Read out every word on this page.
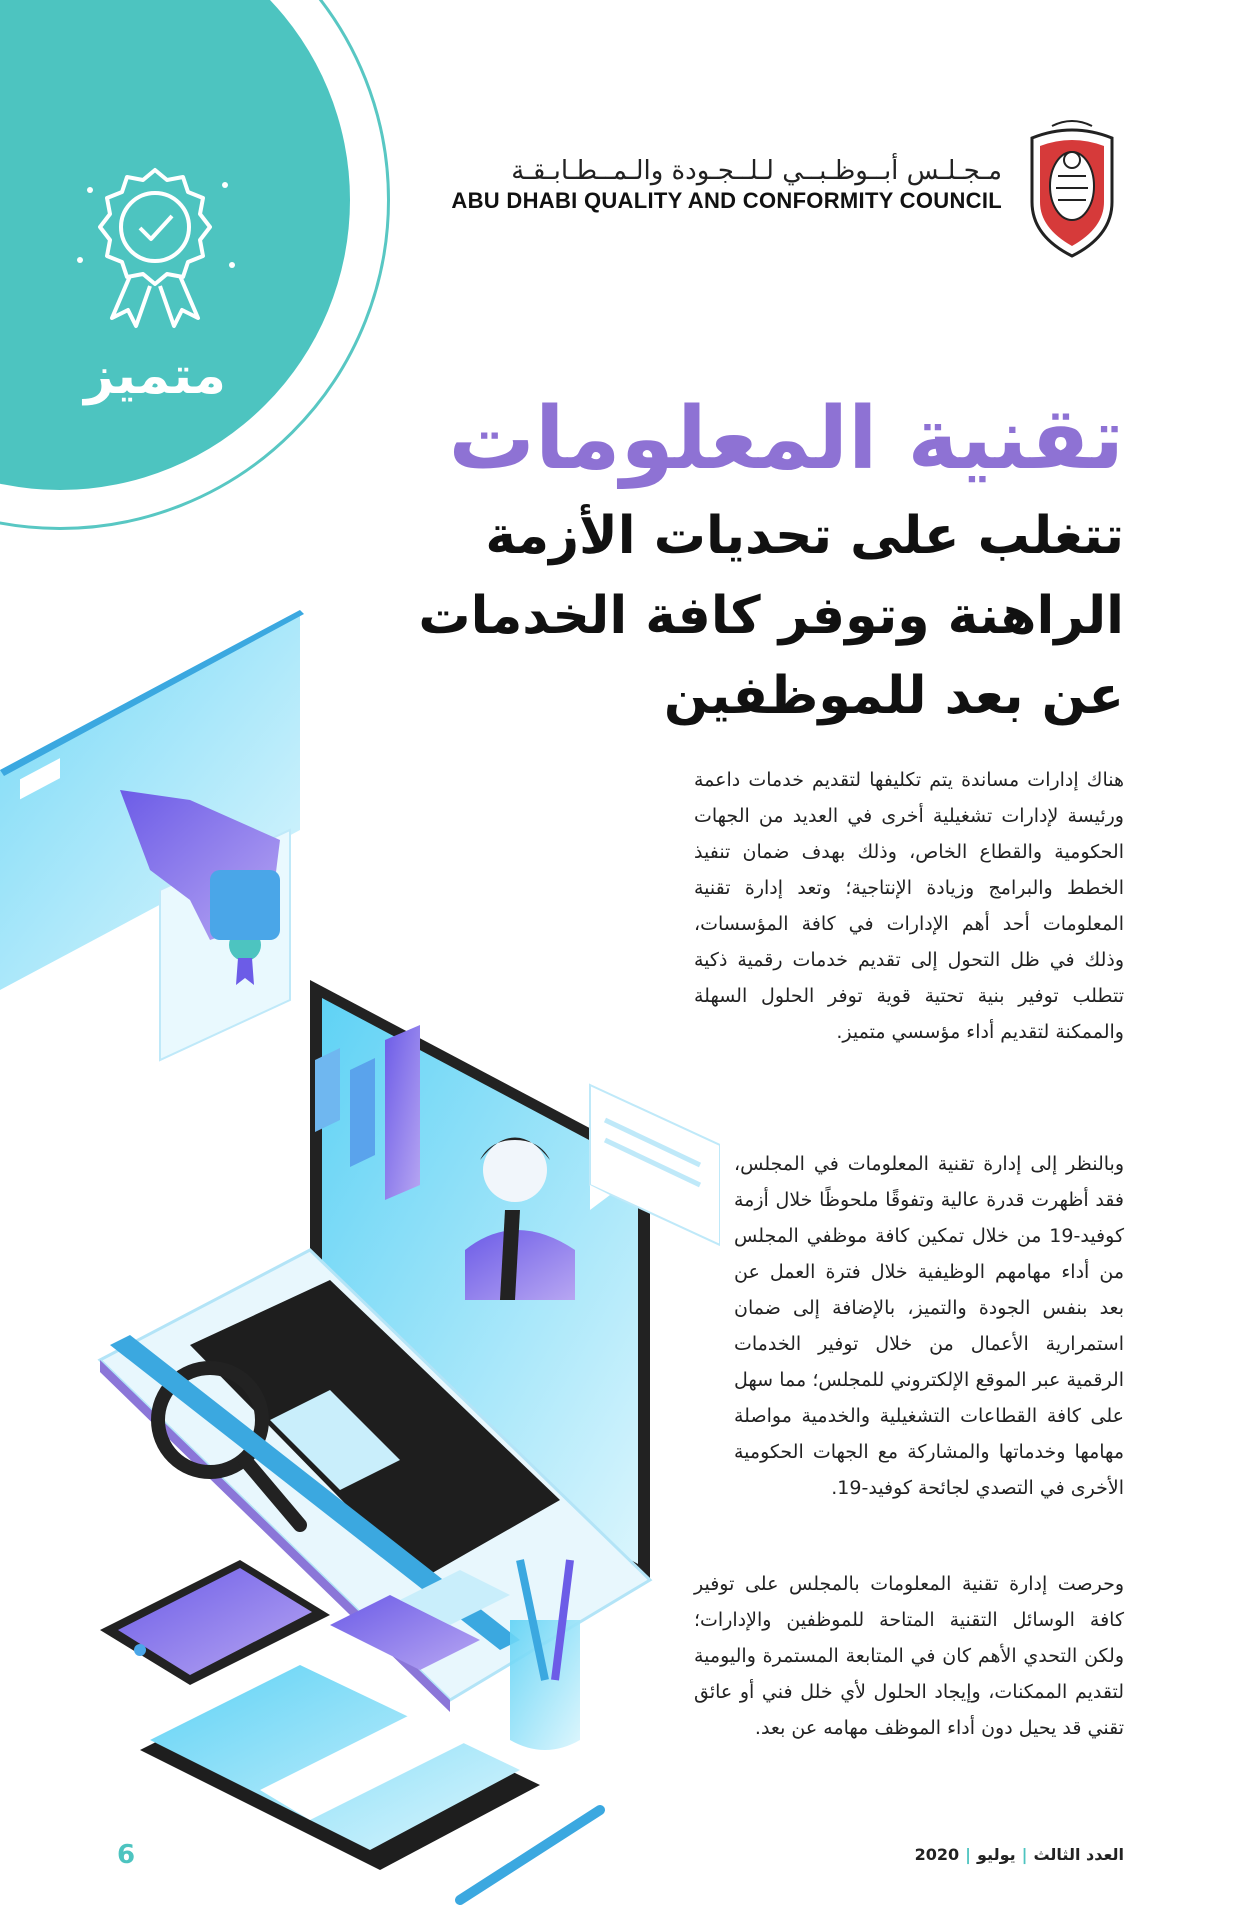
متميز
مـجـلـس أبــوظـبــي لـلــجـودة والـمــطـابـقـة
ABU DHABI QUALITY AND CONFORMITY COUNCIL
تقنية المعلومات
تتغلب على تحديات الأزمة
الراهنة وتوفر كافة الخدمات
عن بعد للموظفين
هناك إدارات مساندة يتم تكليفها لتقديم خدمات داعمة ورئيسة لإدارات تشغيلية أخرى في العديد من الجهات الحكومية والقطاع الخاص، وذلك بهدف ضمان تنفيذ الخطط والبرامج وزيادة الإنتاجية؛ وتعد إدارة تقنية المعلومات أحد أهم الإدارات في كافة المؤسسات، وذلك في ظل التحول إلى تقديم خدمات رقمية ذكية تتطلب توفير بنية تحتية قوية توفر الحلول السهلة والممكنة لتقديم أداء مؤسسي متميز.
وبالنظر إلى إدارة تقنية المعلومات في المجلس، فقد أظهرت قدرة عالية وتفوقًا ملحوظًا خلال أزمة كوفيد-19 من خلال تمكين كافة موظفي المجلس من أداء مهامهم الوظيفية خلال فترة العمل عن بعد بنفس الجودة والتميز، بالإضافة إلى ضمان استمرارية الأعمال من خلال توفير الخدمات الرقمية عبر الموقع الإلكتروني للمجلس؛ مما سهل على كافة القطاعات التشغيلية والخدمية مواصلة مهامها وخدماتها والمشاركة مع الجهات الحكومية الأخرى في التصدي لجائحة كوفيد-19.
وحرصت إدارة تقنية المعلومات بالمجلس على توفير كافة الوسائل التقنية المتاحة للموظفين والإدارات؛ ولكن التحدي الأهم كان في المتابعة المستمرة واليومية لتقديم الممكنات، وإيجاد الحلول لأي خلل فني أو عائق تقني قد يحيل دون أداء الموظف مهامه عن بعد.
6	العدد الثالث|يوليو|2020
